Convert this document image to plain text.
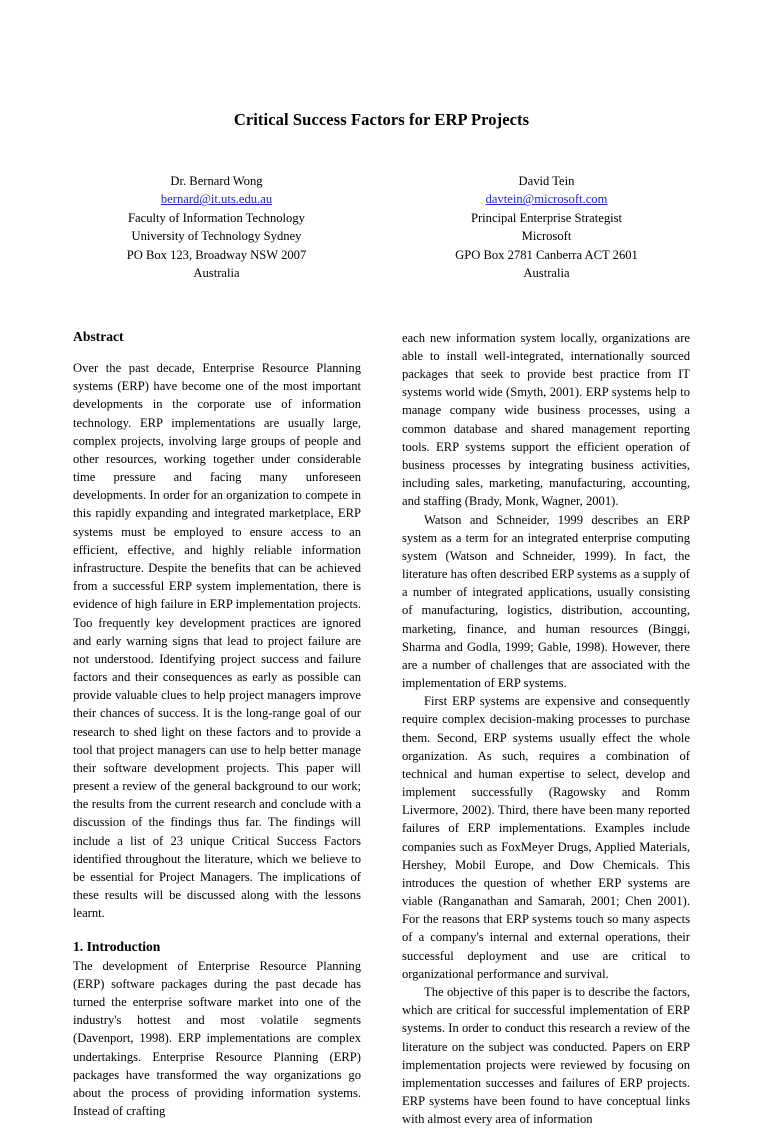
Critical Success Factors for ERP Projects
Dr. Bernard Wong
bernard@it.uts.edu.au
Faculty of Information Technology
University of Technology Sydney
PO Box 123, Broadway NSW 2007
Australia
David Tein
davtein@microsoft.com
Principal Enterprise Strategist
Microsoft
GPO Box 2781 Canberra ACT 2601
Australia
Abstract

Over the past decade, Enterprise Resource Planning systems (ERP) have become one of the most important developments in the corporate use of information technology. ERP implementations are usually large, complex projects, involving large groups of people and other resources, working together under considerable time pressure and facing many unforeseen developments. In order for an organization to compete in this rapidly expanding and integrated marketplace, ERP systems must be employed to ensure access to an efficient, effective, and highly reliable information infrastructure. Despite the benefits that can be achieved from a successful ERP system implementation, there is evidence of high failure in ERP implementation projects. Too frequently key development practices are ignored and early warning signs that lead to project failure are not understood. Identifying project success and failure factors and their consequences as early as possible can provide valuable clues to help project managers improve their chances of success. It is the long-range goal of our research to shed light on these factors and to provide a tool that project managers can use to help better manage their software development projects. This paper will present a review of the general background to our work; the results from the current research and conclude with a discussion of the findings thus far. The findings will include a list of 23 unique Critical Success Factors identified throughout the literature, which we believe to be essential for Project Managers. The implications of these results will be discussed along with the lessons learnt.

1. Introduction

The development of Enterprise Resource Planning (ERP) software packages during the past decade has turned the enterprise software market into one of the industry's hottest and most volatile segments (Davenport, 1998). ERP implementations are complex undertakings. Enterprise Resource Planning (ERP) packages have transformed the way organizations go about the process of providing information systems. Instead of crafting

each new information system locally, organizations are able to install well-integrated, internationally sourced packages that seek to provide best practice from IT systems world wide (Smyth, 2001). ERP systems help to manage company wide business processes, using a common database and shared management reporting tools. ERP systems support the efficient operation of business processes by integrating business activities, including sales, marketing, manufacturing, accounting, and staffing (Brady, Monk, Wagner, 2001).

Watson and Schneider, 1999 describes an ERP system as a term for an integrated enterprise computing system (Watson and Schneider, 1999). In fact, the literature has often described ERP systems as a supply of a number of integrated applications, usually consisting of manufacturing, logistics, distribution, accounting, marketing, finance, and human resources (Binggi, Sharma and Godla, 1999; Gable, 1998). However, there are a number of challenges that are associated with the implementation of ERP systems.

First ERP systems are expensive and consequently require complex decision-making processes to purchase them. Second, ERP systems usually effect the whole organization. As such, requires a combination of technical and human expertise to select, develop and implement successfully (Ragowsky and Romm Livermore, 2002). Third, there have been many reported failures of ERP implementations. Examples include companies such as FoxMeyer Drugs, Applied Materials, Hershey, Mobil Europe, and Dow Chemicals. This introduces the question of whether ERP systems are viable (Ranganathan and Samarah, 2001; Chen 2001). For the reasons that ERP systems touch so many aspects of a company's internal and external operations, their successful deployment and use are critical to organizational performance and survival.

The objective of this paper is to describe the factors, which are critical for successful implementation of ERP systems. In order to conduct this research a review of the literature on the subject was conducted. Papers on ERP implementation projects were reviewed by focusing on implementation successes and failures of ERP projects. ERP systems have been found to have conceptual links with almost every area of information
